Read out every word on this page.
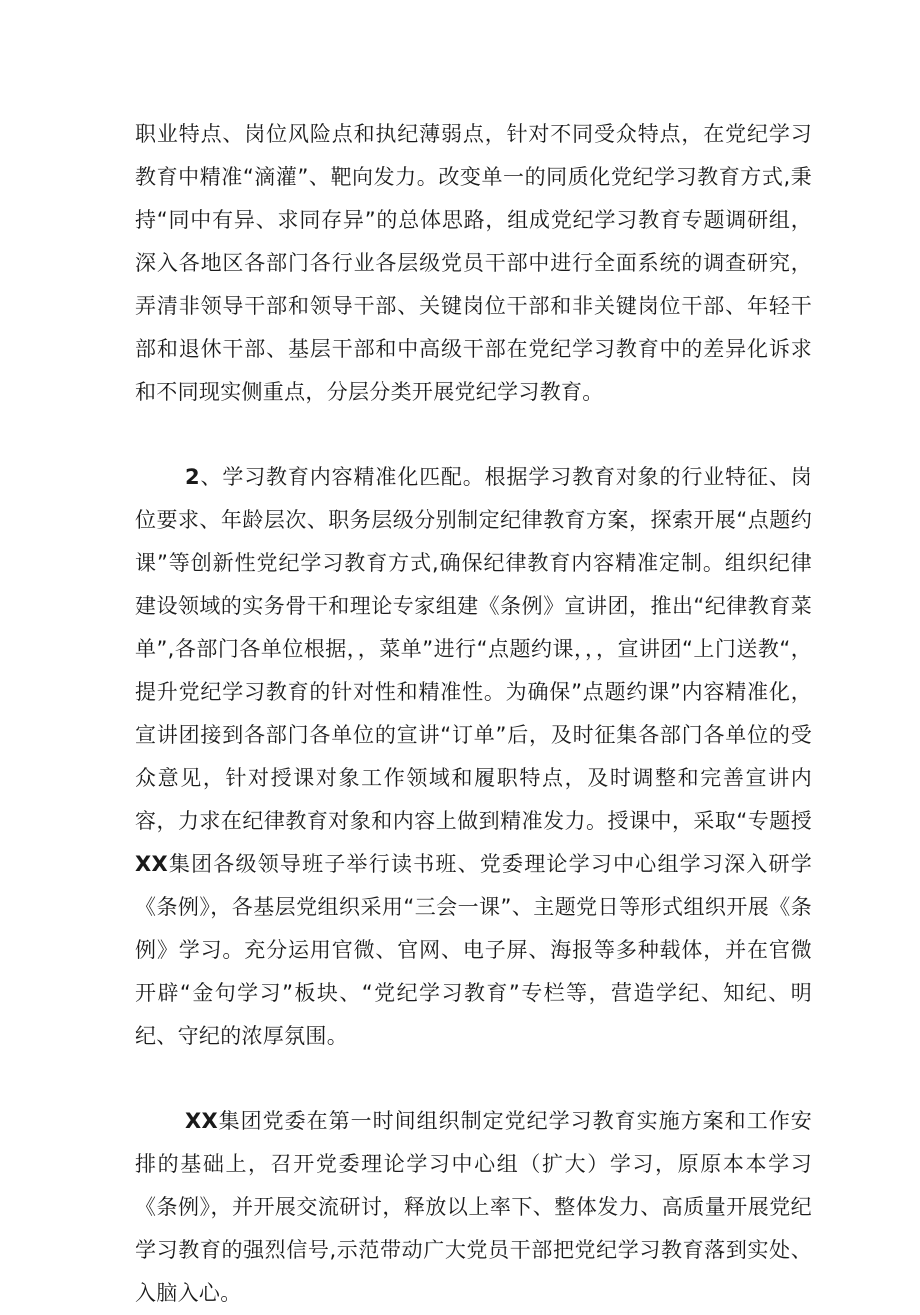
职业特点、岗位风险点和执纪薄弱点，针对不同受众特点，在党纪学习教育中精准“滴灌”、靶向发力。改变单一的同质化党纪学习教育方式,秉持“同中有异、求同存异”的总体思路，组成党纪学习教育专题调研组，深入各地区各部门各行业各层级党员干部中进行全面系统的调查研究，弄清非领导干部和领导干部、关键岗位干部和非关键岗位干部、年轻干部和退休干部、基层干部和中高级干部在党纪学习教育中的差异化诉求和不同现实侧重点，分层分类开展党纪学习教育。

2、学习教育内容精准化匹配。根据学习教育对象的行业特征、岗位要求、年龄层次、职务层级分别制定纪律教育方案，探索开展“点题约课”等创新性党纪学习教育方式,确保纪律教育内容精准定制。组织纪律建设领域的实务骨干和理论专家组建《条例》宣讲团，推出“纪律教育菜单”,各部门各单位根据，，菜单”进行“点题约课，，，宣讲团“上门送教“，提升党纪学习教育的针对性和精准性。为确保”点题约课”内容精准化，宣讲团接到各部门各单位的宣讲“订单”后，及时征集各部门各单位的受众意见，针对授课对象工作领域和履职特点，及时调整和完善宣讲内容，力求在纪律教育对象和内容上做到精准发力。授课中，采取“专题授XX集团各级领导班子举行读书班、党委理论学习中心组学习深入研学《条例》，各基层党组织采用“三会一课”、主题党日等形式组织开展《条例》学习。充分运用官微、官网、电子屏、海报等多种载体，并在官微开辟“金句学习”板块、“党纪学习教育”专栏等，营造学纪、知纪、明纪、守纪的浓厚氛围。

XX集团党委在第一时间组织制定党纪学习教育实施方案和工作安排的基础上，召开党委理论学习中心组（扩大）学习，原原本本学习《条例》，并开展交流研讨，释放以上率下、整体发力、高质量开展党纪学习教育的强烈信号,示范带动广大党员干部把党纪学习教育落到实处、入脑入心。
